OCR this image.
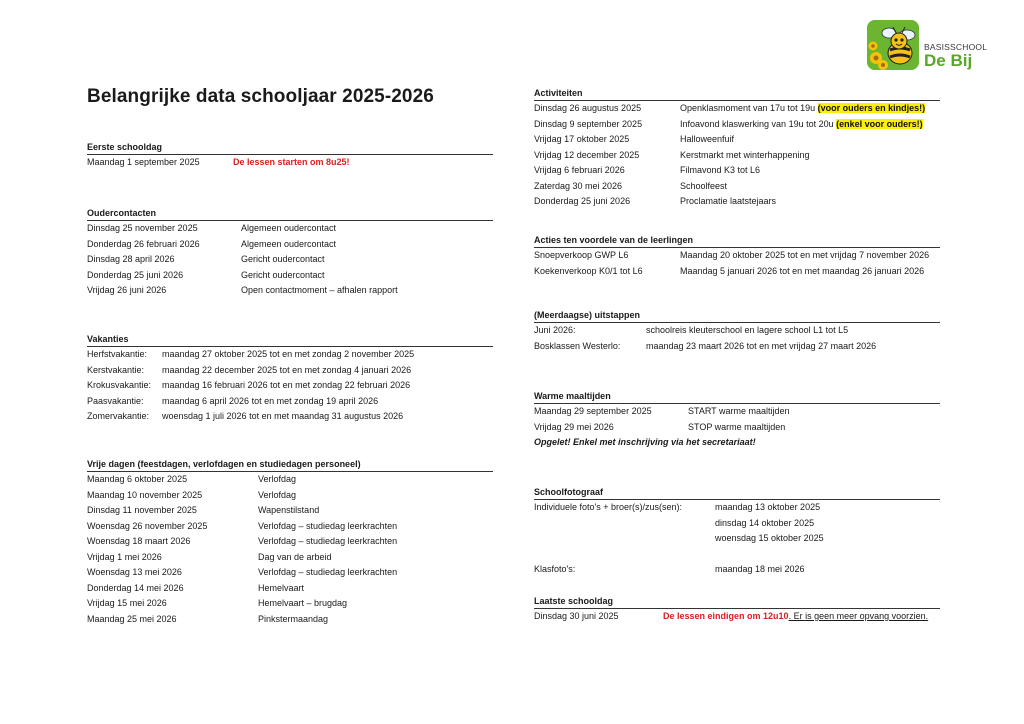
BASISSCHOOL
De Bij
Belangrijke data schooljaar 2025-2026
Eerste schooldag
Maandag 1 september 2025	De lessen starten om 8u25!
Oudercontacten
Dinsdag 25 november 2025	Algemeen oudercontact
Donderdag 26 februari 2026	Algemeen oudercontact
Dinsdag 28 april 2026	Gericht oudercontact
Donderdag 25 juni 2026	Gericht oudercontact
Vrijdag 26 juni 2026	Open contactmoment – afhalen rapport
Vakanties
Herfstvakantie: maandag 27 oktober 2025 tot en met zondag 2 november 2025
Kerstvakantie: maandag 22 december 2025 tot en met zondag 4 januari 2026
Krokusvakantie: maandag 16 februari 2026 tot en met zondag 22 februari 2026
Paasvakantie: maandag 6 april 2026 tot en met zondag 19 april 2026
Zomervakantie: woensdag 1 juli 2026 tot en met maandag 31 augustus 2026
Vrije dagen (feestdagen, verlofdagen en studiedagen personeel)
Maandag 6 oktober 2025	Verlofdag
Maandag 10 november 2025	Verlofdag
Dinsdag 11 november 2025	Wapenstilstand
Woensdag 26 november 2025	Verlofdag – studiedag leerkrachten
Woensdag 18 maart 2026	Verlofdag – studiedag leerkrachten
Vrijdag 1 mei 2026	Dag van de arbeid
Woensdag 13 mei 2026	Verlofdag – studiedag leerkrachten
Donderdag 14 mei 2026	Hemelvaart
Vrijdag 15 mei 2026	Hemelvaart – brugdag
Maandag 25 mei 2026	Pinkstermaandag
Activiteiten
Dinsdag 26 augustus 2025	Openklasmoment van 17u tot 19u (voor ouders en kindjes!)
Dinsdag 9 september 2025	Infoavond klaswerking van 19u tot 20u (enkel voor ouders!)
Vrijdag 17 oktober 2025	Halloweenfuif
Vrijdag 12 december 2025	Kerstmarkt met winterhappening
Vrijdag 6 februari 2026	Filmavond K3 tot L6
Zaterdag 30 mei 2026	Schoolfeest
Donderdag 25 juni 2026	Proclamatie laatstejaars
Acties ten voordele van de leerlingen
Snoepverkoop GWP L6	Maandag 20 oktober 2025 tot en met vrijdag 7 november 2026
Koekenverkoop K0/1 tot L6	Maandag 5 januari 2026 tot en met maandag 26 januari 2026
(Meerdaagse) uitstappen
Juni 2026:	schoolreis kleuterschool en lagere school L1 tot L5
Bosklassen Westerlo:	maandag 23 maart 2026 tot en met vrijdag 27 maart 2026
Warme maaltijden
Maandag 29 september 2025	START warme maaltijden
Vrijdag 29 mei 2026	STOP warme maaltijden
Opgelet! Enkel met inschrijving via het secretariaat!
Schoolfotograaf
Individuele foto's + broer(s)/zus(sen):	maandag 13 oktober 2025
dinsdag 14 oktober 2025
woensdag 15 oktober 2025
Klasfoto's:	maandag 18 mei 2026
Laatste schooldag
Dinsdag 30 juni 2025	De lessen eindigen om 12u10. Er is geen meer opvang voorzien.
